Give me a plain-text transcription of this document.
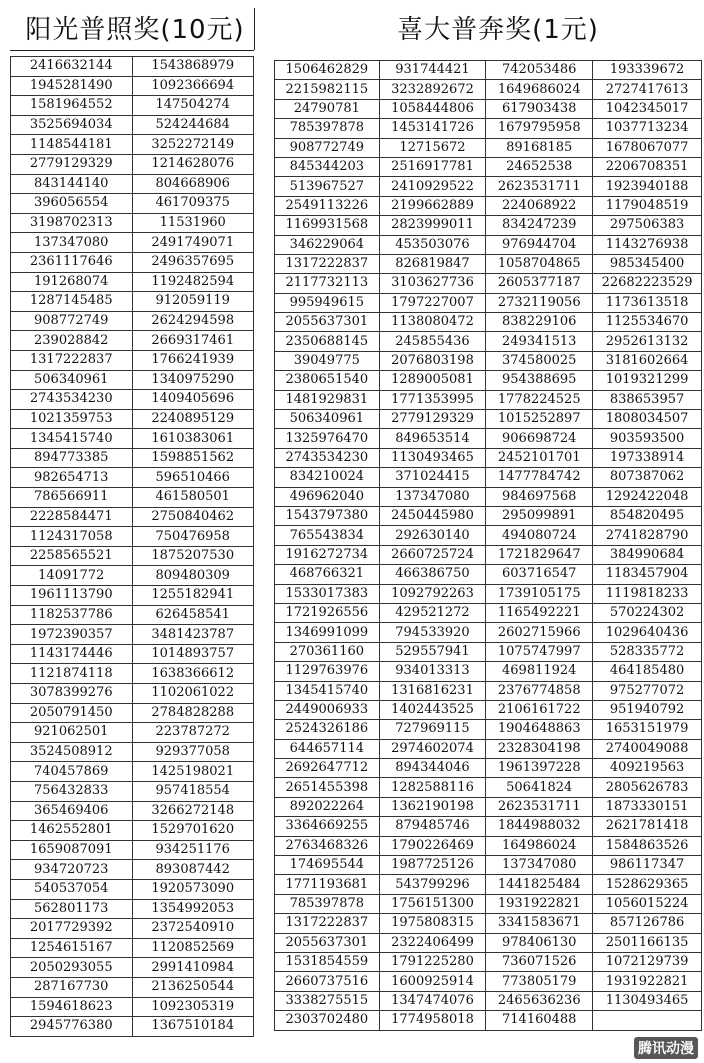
阳光普照奖(10元)
2416632144	1543868979
1945281490	1092366694
1581964552	147504274
3525694034	524244684
1148544181	3252272149
2779129329	1214628076
843144140	804668906
396056554	461709375
3198702313	11531960
137347080	2491749071
2361117646	2496357695
191268074	1192482594
1287145485	912059119
908772749	2624294598
239028842	2669317461
1317222837	1766241939
506340961	1340975290
2743534230	1409405696
1021359753	2240895129
1345415740	1610383061
894773385	1598851562
982654713	596510466
786566911	461580501
2228584471	2750840462
1124317058	750476958
2258565521	1875207530
14091772	809480309
1961113790	1255182941
1182537786	626458541
1972390357	3481423787
1143174446	1014893757
1121874118	1638366612
3078399276	1102061022
2050791450	2784828288
921062501	223787272
3524508912	929377058
740457869	1425198021
756432833	957418554
365469406	3266272148
1462552801	1529701620
1659087091	934251176
934720723	893087442
540537054	1920573090
562801173	1354992053
2017729392	2372540910
1254615167	1120852569
2050293055	2991410984
287167730	2136250544
1594618623	1092305319
2945776380	1367510184
喜大普奔奖(1元)
1506462829	931744421	742053486	193339672
2215982115	3232892672	1649686024	2727417613
24790781	1058444806	617903438	1042345017
785397878	1453141726	1679795958	1037713234
908772749	12715672	89168185	1678067077
845344203	2516917781	24652538	2206708351
513967527	2410929522	2623531711	1923940188
2549113226	2199662889	224068922	1179048519
1169931568	2823999011	834247239	297506383
346229064	453503076	976944704	1143276938
1317222837	826819847	1058704865	985345400
2117732113	3103627736	2605377187	22682223529
995949615	1797227007	2732119056	1173613518
2055637301	1138080472	838229106	1125534670
2350688145	245855436	249341513	2952613132
39049775	2076803198	374580025	3181602664
2380651540	1289005081	954388695	1019321299
1481929831	1771353995	1778224525	838653957
506340961	2779129329	1015252897	1808034507
1325976470	849653514	906698724	903593500
2743534230	1130493465	2452101701	197338914
834210024	371024415	1477784742	807387062
496962040	137347080	984697568	1292422048
1543797380	2450445980	295099891	854820495
765543834	292630140	494080724	2741828790
1916272734	2660725724	1721829647	384990684
468766321	466386750	603716547	1183457904
1533017383	1092792263	1739105175	1119818233
1721926556	429521272	1165492221	570224302
1346991099	794533920	2602715966	1029640436
270361160	529557941	1075747997	528335772
1129763976	934013313	469811924	464185480
1345415740	1316816231	2376774858	975277072
2449006933	1402443525	2106161722	951940792
2524326186	727969115	1904648863	1653151979
644657114	2974602074	2328304198	2740049088
2692647712	894344046	1961397228	409219563
2651455398	1282588116	50641824	2805626783
892022264	1362190198	2623531711	1873330151
3364669255	879485746	1844988032	2621781418
2763468326	1790226469	164986024	1584863526
174695544	1987725126	137347080	986117347
1771193681	543799296	1441825484	1528629365
785397878	1756151300	1931922821	1056015224
1317222837	1975808315	3341583671	857126786
2055637301	2322406499	978406130	2501166135
1531854559	1791225280	736071526	1072129739
2660737516	1600925914	773805179	1931922821
3338275515	1347474076	2465636236	1130493465
2303702480	1774958018	714160488	
腾讯动漫
